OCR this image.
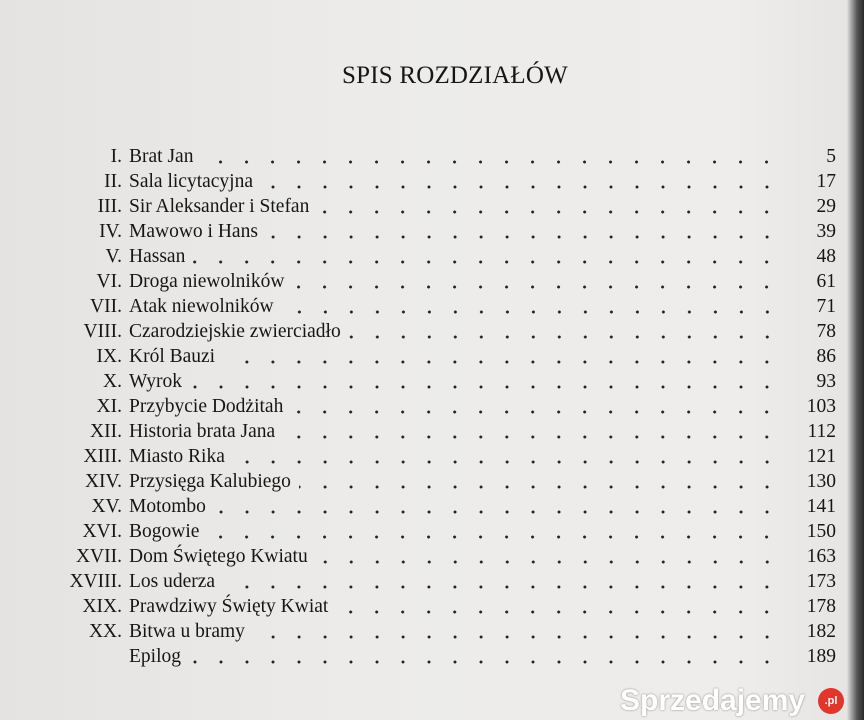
SPIS ROZDZIAŁÓW
I. Brat Jan	5
II. Sala licytacyjna	17
III. Sir Aleksander i Stefan	29
IV. Mawowo i Hans	39
V. Hassan	48
VI. Droga niewolników	61
VII. Atak niewolników	71
VIII. Czarodziejskie zwierciadło	78
IX. Król Bauzi	86
X. Wyrok	93
XI. Przybycie Dodżitah	103
XII. Historia brata Jana	112
XIII. Miasto Rika	121
XIV. Przysięga Kalubiego	130
XV. Motombo	141
XVI. Bogowie	150
XVII. Dom Świętego Kwiatu	163
XVIII. Los uderza	173
XIX. Prawdziwy Święty Kwiat	178
XX. Bitwa u bramy	182
Epilog	189
Sprzedajemy	.pl
